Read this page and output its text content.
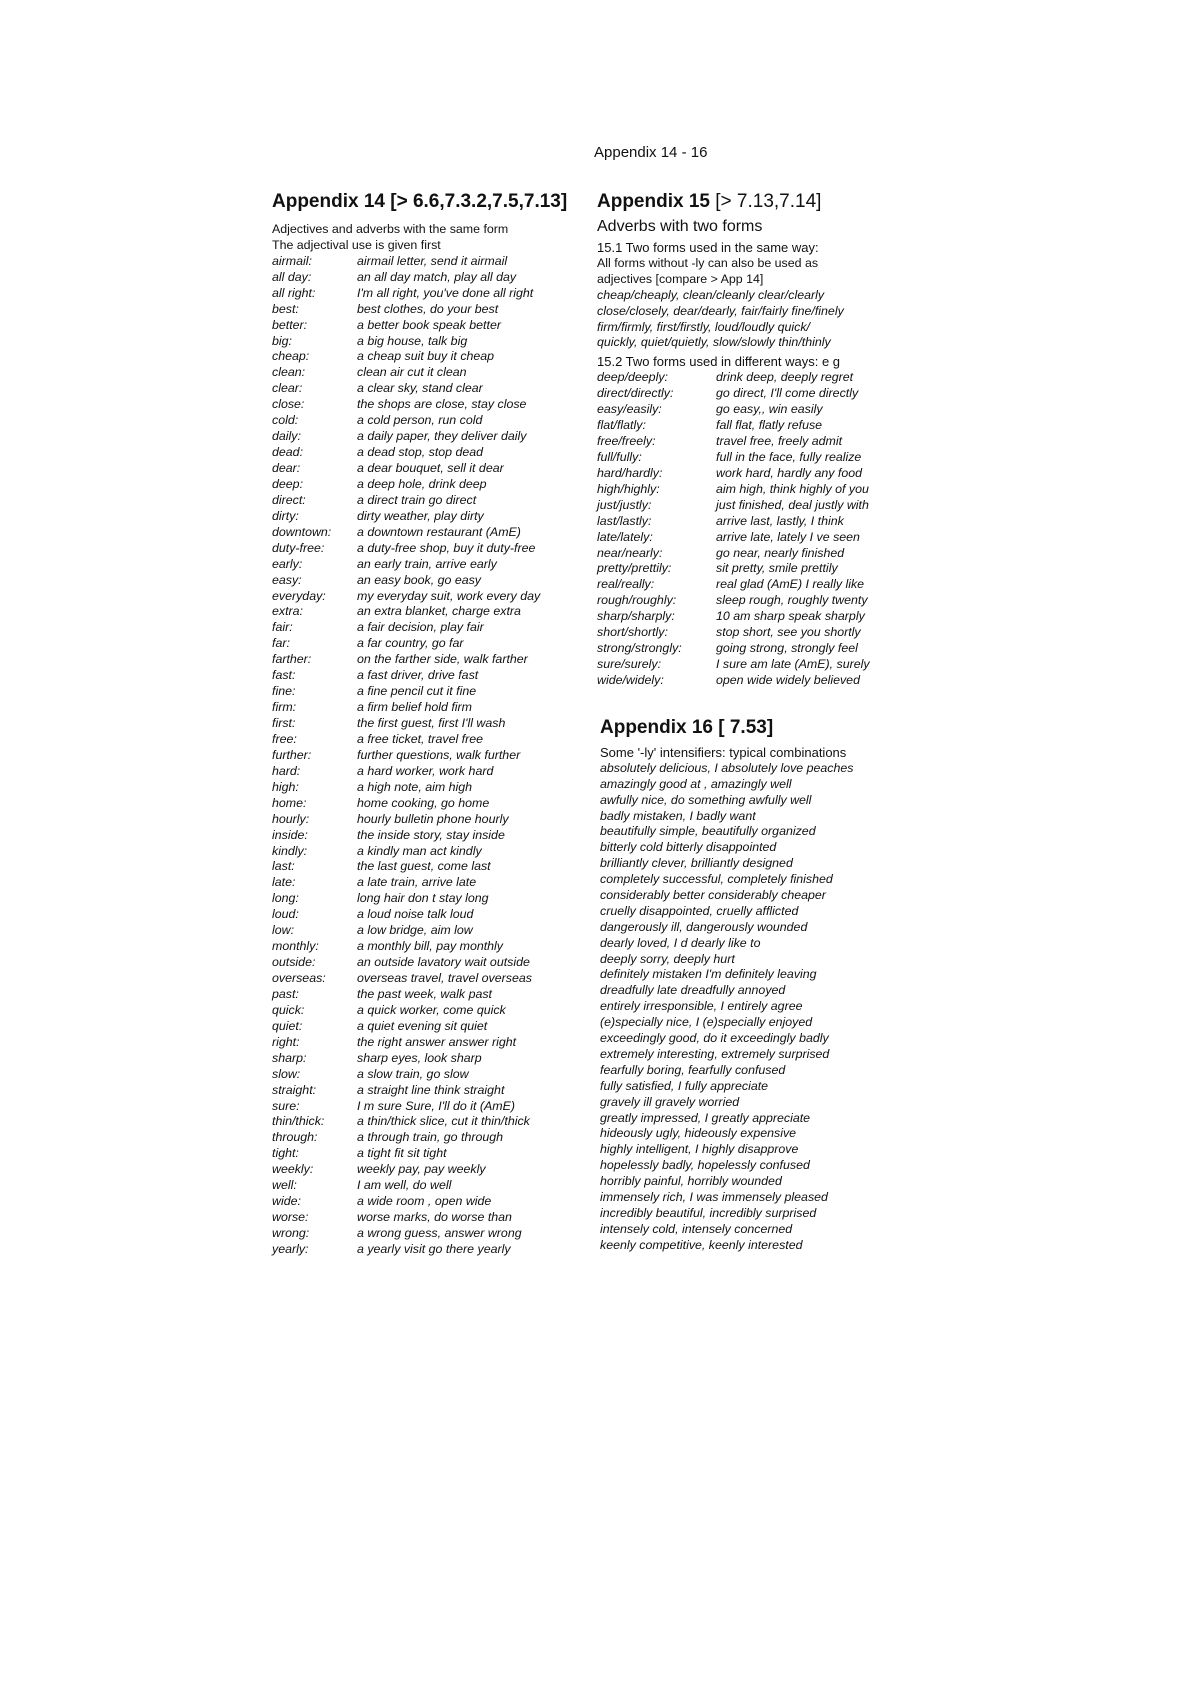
Appendix 14 - 16
Appendix 14 [> 6.6,7.3.2,7.5,7.13]
Adjectives and adverbs with the same form
The adjectival use is given first
airmail:	airmail letter, send it airmail
all day:	an all day match, play all day
all right:	I'm all right, you've done all right
best:	best clothes, do your best
better:	a better book speak better
big:	a big house, talk big
cheap:	a cheap suit buy it cheap
clean:	clean air cut it clean
clear:	a clear sky, stand clear
close:	the shops are close, stay close
cold:	a cold person, run cold
daily:	a daily paper, they deliver daily
dead:	a dead stop, stop dead
dear:	a dear bouquet, sell it dear
deep:	a deep hole, drink deep
direct:	a direct train go direct
dirty:	dirty weather, play dirty
downtown:	a downtown restaurant (AmE)
duty-free:	a duty-free shop, buy it duty-free
early:	an early train, arrive early
easy:	an easy book, go easy
everyday:	my everyday suit, work every day
extra:	an extra blanket, charge extra
fair:	a fair decision, play fair
far:	a far country, go far
farther:	on the farther side, walk farther
fast:	a fast driver, drive fast
fine:	a fine pencil cut it fine
firm:	a firm belief hold firm
first:	the first guest, first I'll wash
free:	a free ticket, travel free
further:	further questions, walk further
hard:	a hard worker, work hard
high:	a high note, aim high
home:	home cooking, go home
hourly:	hourly bulletin phone hourly
inside:	the inside story, stay inside
kindly:	a kindly man act kindly
last:	the last guest, come last
late:	a late train, arrive late
long:	long hair don t stay long
loud:	a loud noise talk loud
low:	a low bridge, aim low
monthly:	a monthly bill, pay monthly
outside:	an outside lavatory wait outside
overseas:	overseas travel, travel overseas
past:	the past week, walk past
quick:	a quick worker, come quick
quiet:	a quiet evening sit quiet
right:	the right answer answer right
sharp:	sharp eyes, look sharp
slow:	a slow train, go slow
straight:	a straight line think straight
sure:	I m sure Sure, I'll do it (AmE)
thin/thick:	a thin/thick slice, cut it thin/thick
through:	a through train, go through
tight:	a tight fit sit tight
weekly:	weekly pay, pay weekly
well:	I am well, do well
wide:	a wide room , open wide
worse:	worse marks, do worse than
wrong:	a wrong guess, answer wrong
yearly:	a yearly visit go there yearly
Appendix 15 [> 7.13,7.14]
Adverbs with two forms
15.1 Two forms used in the same way:
All forms without -ly can also be used as
adjectives [compare > App 14]
cheap/cheaply, clean/cleanly clear/clearly
close/closely, dear/dearly, fair/fairly fine/finely
firm/firmly, first/firstly, loud/loudly quick/
quickly, quiet/quietly, slow/slowly thin/thinly
15.2 Two forms used in different ways: e g
deep/deeply:	drink deep, deeply regret
direct/directly:	go direct, I'll come directly
easy/easily:	go easy,, win easily
flat/flatly:	fall flat, flatly refuse
free/freely:	travel free, freely admit
full/fully:	full in the face, fully realize
hard/hardly:	work hard, hardly any food
high/highly:	aim high, think highly of you
just/justly:	just finished, deal justly with
last/lastly:	arrive last, lastly, I think
late/lately:	arrive late, lately I ve seen
near/nearly:	go near, nearly finished
pretty/prettily:	sit pretty, smile prettily
real/really:	real glad (AmE) I really like
rough/roughly:	sleep rough, roughly twenty
sharp/sharply:	10 am sharp speak sharply
short/shortly:	stop short, see you shortly
strong/strongly:	going strong, strongly feel
sure/surely:	I sure am late (AmE), surely
wide/widely:	open wide widely believed
Appendix 16 [ 7.53]
Some '-ly' intensifiers: typical combinations
absolutely delicious, I absolutely love peaches
amazingly good at , amazingly well
awfully nice, do something awfully well
badly mistaken, I badly want
beautifully simple, beautifully organized
bitterly cold bitterly disappointed
brilliantly clever, brilliantly designed
completely successful, completely finished
considerably better considerably cheaper
cruelly disappointed, cruelly afflicted
dangerously ill, dangerously wounded
dearly loved, I d dearly like to
deeply sorry, deeply hurt
definitely mistaken I'm definitely leaving
dreadfully late dreadfully annoyed
entirely irresponsible, I entirely agree
(e)specially nice, I (e)specially enjoyed
exceedingly good, do it exceedingly badly
extremely interesting, extremely surprised
fearfully boring, fearfully confused
fully satisfied, I fully appreciate
gravely ill gravely worried
greatly impressed, I greatly appreciate
hideously ugly, hideously expensive
highly intelligent, I highly disapprove
hopelessly badly, hopelessly confused
horribly painful, horribly wounded
immensely rich, I was immensely pleased
incredibly beautiful, incredibly surprised
intensely cold, intensely concerned
keenly competitive, keenly interested
